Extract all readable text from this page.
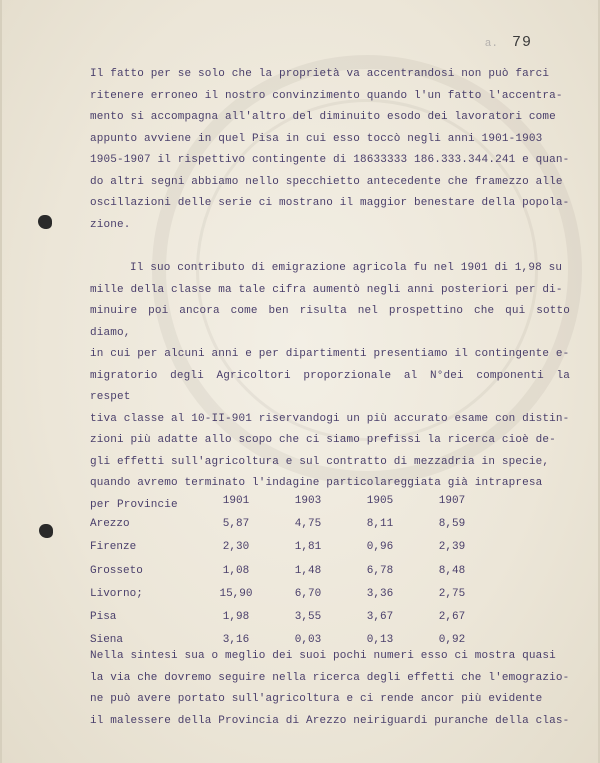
a. 79

Il fatto per se solo che la proprietà va accentrandosi non può farci

ritenere erroneo il nostro convinzimento quando l'un fatto l'accentra-

mento si accompagna all'altro del diminuito esodo dei lavoratori come

appunto avviene in quel Pisa in cui esso toccò negli anni 1901-1903

1905-1907 il rispettivo contingente di 18633333 186.333.344.241 e quan-

do altri segni abbiamo nello specchietto antecedente che framezzo alle

oscillazioni delle serie ci mostrano il maggior benestare della popola-

zione.

Il suo contributo di emigrazione agricola fu nel 1901 di 1,98 su

mille della classe ma tale cifra aumentò negli anni posteriori per di-

minuire poi ancora come ben risulta nel prospettino che qui sotto diamo,

in cui per alcuni anni e per dipartimenti presentiamo il contingente e-

migratorio degli Agricoltori proporzionale al N°dei componenti la respet

tiva classe al 10-II-901 riservandogi un più accurato esame con distin-

zioni più adatte allo scopo che ci siamo prefissi la ricerca cioè de-

gli effetti sull'agricoltura e sul contratto di mezzadria in specie,

quando avremo terminato l'indagine particolareggiata già intrapresa

per Provincie	1901	1903	1905	1907
Arezzo	5,87	4,75	8,11	8,59
Firenze	2,30	1,81	0,96	2,39
Grosseto	1,08	1,48	6,78	8,48
Livorno;	15,90	6,70	3,36	2,75
Pisa	1,98	3,55	3,67	2,67
Siena	3,16	0,03	0,13	0,92

Nella sintesi sua o meglio dei suoi pochi numeri esso ci mostra quasi

la via che dovremo seguire nella ricerca degli effetti che l'emograzio-

ne può avere portato sull'agricoltura e ci rende ancor più evidente

il malessere della Provincia di Arezzo neiriguardi puranche della clas-
